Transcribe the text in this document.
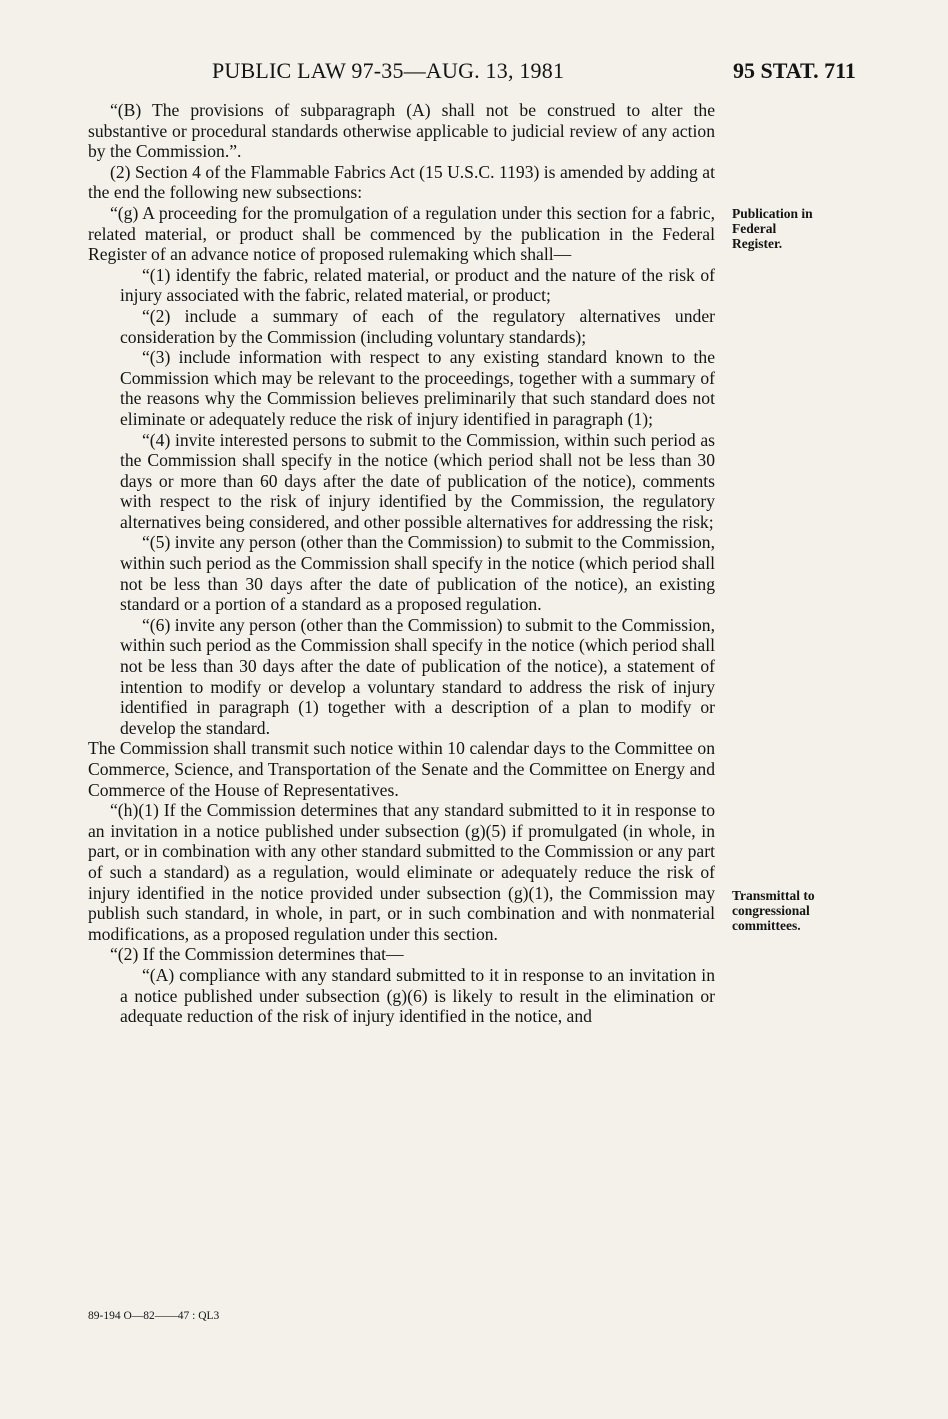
PUBLIC LAW 97-35—AUG. 13, 1981	95 STAT. 711

“(B) The provisions of subparagraph (A) shall not be construed to alter the substantive or procedural standards otherwise applicable to judicial review of any action by the Commission.”.

(2) Section 4 of the Flammable Fabrics Act (15 U.S.C. 1193) is amended by adding at the end the following new subsections:

“(g) A proceeding for the promulgation of a regulation under this section for a fabric, related material, or product shall be commenced by the publication in the Federal Register of an advance notice of proposed rulemaking which shall—

“(1) identify the fabric, related material, or product and the nature of the risk of injury associated with the fabric, related material, or product;

“(2) include a summary of each of the regulatory alternatives under consideration by the Commission (including voluntary standards);

“(3) include information with respect to any existing standard known to the Commission which may be relevant to the proceedings, together with a summary of the reasons why the Commission believes preliminarily that such standard does not eliminate or adequately reduce the risk of injury identified in paragraph (1);

“(4) invite interested persons to submit to the Commission, within such period as the Commission shall specify in the notice (which period shall not be less than 30 days or more than 60 days after the date of publication of the notice), comments with respect to the risk of injury identified by the Commission, the regulatory alternatives being considered, and other possible alternatives for addressing the risk;

“(5) invite any person (other than the Commission) to submit to the Commission, within such period as the Commission shall specify in the notice (which period shall not be less than 30 days after the date of publication of the notice), an existing standard or a portion of a standard as a proposed regulation.

“(6) invite any person (other than the Commission) to submit to the Commission, within such period as the Commission shall specify in the notice (which period shall not be less than 30 days after the date of publication of the notice), a statement of intention to modify or develop a voluntary standard to address the risk of injury identified in paragraph (1) together with a description of a plan to modify or develop the standard.

The Commission shall transmit such notice within 10 calendar days to the Committee on Commerce, Science, and Transportation of the Senate and the Committee on Energy and Commerce of the House of Representatives.

“(h)(1) If the Commission determines that any standard submitted to it in response to an invitation in a notice published under subsection (g)(5) if promulgated (in whole, in part, or in combination with any other standard submitted to the Commission or any part of such a standard) as a regulation, would eliminate or adequately reduce the risk of injury identified in the notice provided under subsection (g)(1), the Commission may publish such standard, in whole, in part, or in such combination and with nonmaterial modifications, as a proposed regulation under this section.

“(2) If the Commission determines that—

“(A) compliance with any standard submitted to it in response to an invitation in a notice published under subsection (g)(6) is likely to result in the elimination or adequate reduction of the risk of injury identified in the notice, and

Publication in Federal Register.
Transmittal to congressional committees.
89-194 O—82——47 : QL3
